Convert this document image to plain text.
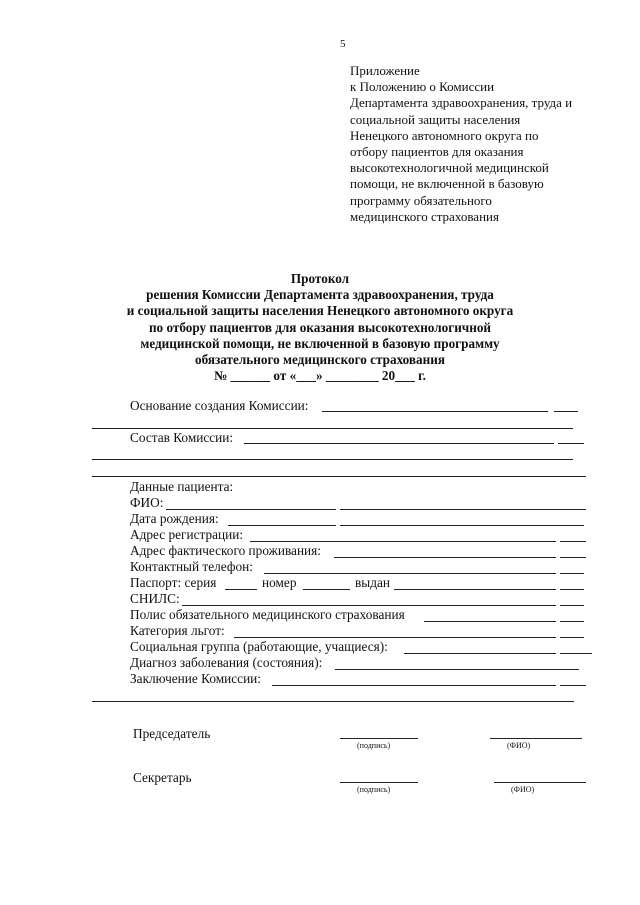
5
Приложение
к Положению о Комиссии
Департамента здравоохранения, труда и
социальной защиты населения
Ненецкого автономного округа по
отбору пациентов для оказания
высокотехнологичной медицинской
помощи, не включенной в базовую
программу обязательного
медицинского страхования
Протокол
решения Комиссии Департамента здравоохранения, труда
и социальной защиты населения Ненецкого автономного округа
по отбору пациентов для оказания высокотехнологичной
медицинской помощи, не включенной в базовую программу
обязательного медицинского страхования
№ ______ от «___» ________ 20___ г.
Основание создания Комиссии:
Состав Комиссии:
Данные пациента:
ФИО:
Дата рождения:
Адрес регистрации:
Адрес фактического проживания:
Контактный телефон:
Паспорт: серия	номер	выдан
СНИЛС:
Полис обязательного медицинского страхования
Категория льгот:
Социальная группа (работающие, учащиеся):
Диагноз заболевания (состояния):
Заключение Комиссии:
Председатель
(подпись)	(ФИО)
Секретарь
(подпись)	(ФИО)
